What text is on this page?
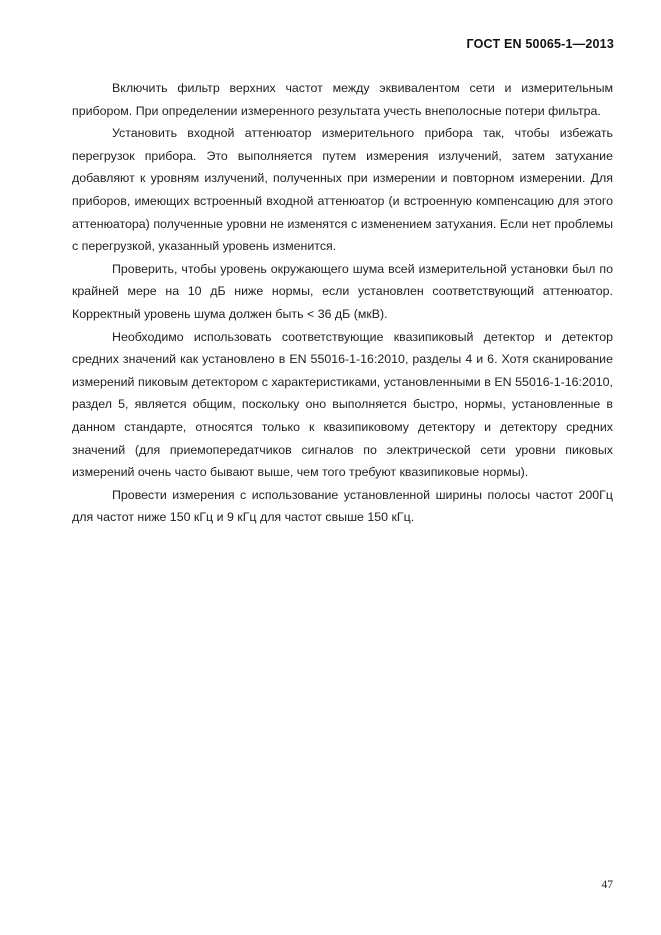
ГОСТ EN 50065-1—2013

Включить фильтр верхних частот между эквивалентом сети и измерительным прибором. При определении измеренного результата учесть внеполосные потери фильтра.

Установить входной аттенюатор измерительного прибора так, чтобы избежать перегрузок прибора. Это выполняется путем измерения излучений, затем затухание добавляют к уровням излучений, полученных при измерении и повторном измерении. Для приборов, имеющих встроенный входной аттенюатор (и встроенную компенсацию для этого аттенюатора) полученные уровни не изменятся с изменением затухания. Если нет проблемы с перегрузкой, указанный уровень изменится.

Проверить, чтобы уровень окружающего шума всей измерительной установки был по крайней мере на 10 дБ ниже нормы, если установлен соответствующий аттенюатор. Корректный уровень шума должен быть < 36 дБ (мкВ).

Необходимо использовать соответствующие квазипиковый детектор и детектор средних значений как установлено в EN 55016-1-16:2010, разделы 4 и 6. Хотя сканирование измерений пиковым детектором с характеристиками, установленными в EN 55016-1-16:2010, раздел 5, является общим, поскольку оно выполняется быстро, нормы, установленные в данном стандарте, относятся только к квазипиковому детектору и детектору средних значений (для приемопередатчиков сигналов по электрической сети уровни пиковых измерений очень часто бывают выше, чем того требуют квазипиковые нормы).

Провести измерения с использование установленной ширины полосы частот 200Гц для частот ниже 150 кГц и 9 кГц для частот свыше 150 кГц.

47
